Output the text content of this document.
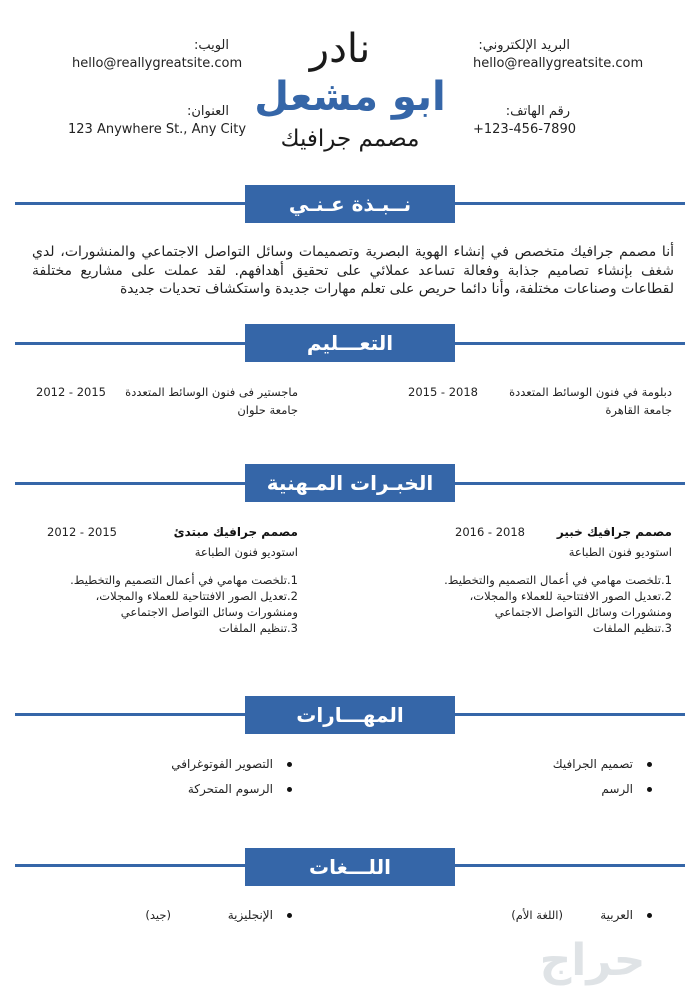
الويب:
hello@reallygreatsite.com
العنوان:
123 Anywhere St., Any City
البريد الإلكتروني:
hello@reallygreatsite.com
رقم الهاتف:
+123-456-7890
نادر
ابو مشعل
مصمم جرافيك
نــبـذة عـنـي
أنا مصمم جرافيك متخصص في إنشاء الهوية البصرية وتصميمات وسائل التواصل الاجتماعي والمنشورات، لدي شغف بإنشاء تصاميم جذابة وفعالة تساعد عملائي على تحقيق أهدافهم. لقد عملت على مشاريع مختلفة لقطاعات وصناعات مختلفة، وأنا دائما حريص على تعلم مهارات جديدة واستكشاف تحديات جديدة
التعـــليم
دبلومة في فنون الوسائط المتعددة
2015 - 2018
جامعة القاهرة
ماجستير فى فنون الوسائط المتعددة
2012 - 2015
جامعة حلوان
الخبـرات المـهنية
مصمم جرافيك خبير
2016 - 2018
استوديو فنون الطباعة
1.تلخصت مهامي في أعمال التصميم والتخطيط.
2.تعديل الصور الافتتاحية للعملاء والمجلات،
ومنشورات وسائل التواصل الاجتماعي
3.تنظيم الملفات
مصمم جرافيك مبتدئ
2012 - 2015
استوديو فنون الطباعة
1.تلخصت مهامي في أعمال التصميم والتخطيط.
2.تعديل الصور الافتتاحية للعملاء والمجلات،
ومنشورات وسائل التواصل الاجتماعي
3.تنظيم الملفات
المهـــارات
تصميم الجرافيك
الرسم
التصوير الفوتوغرافي
الرسوم المتحركة
اللـــغات
العربية
(اللغة الأم)
الإنجليزية
(جيد)
حراج
